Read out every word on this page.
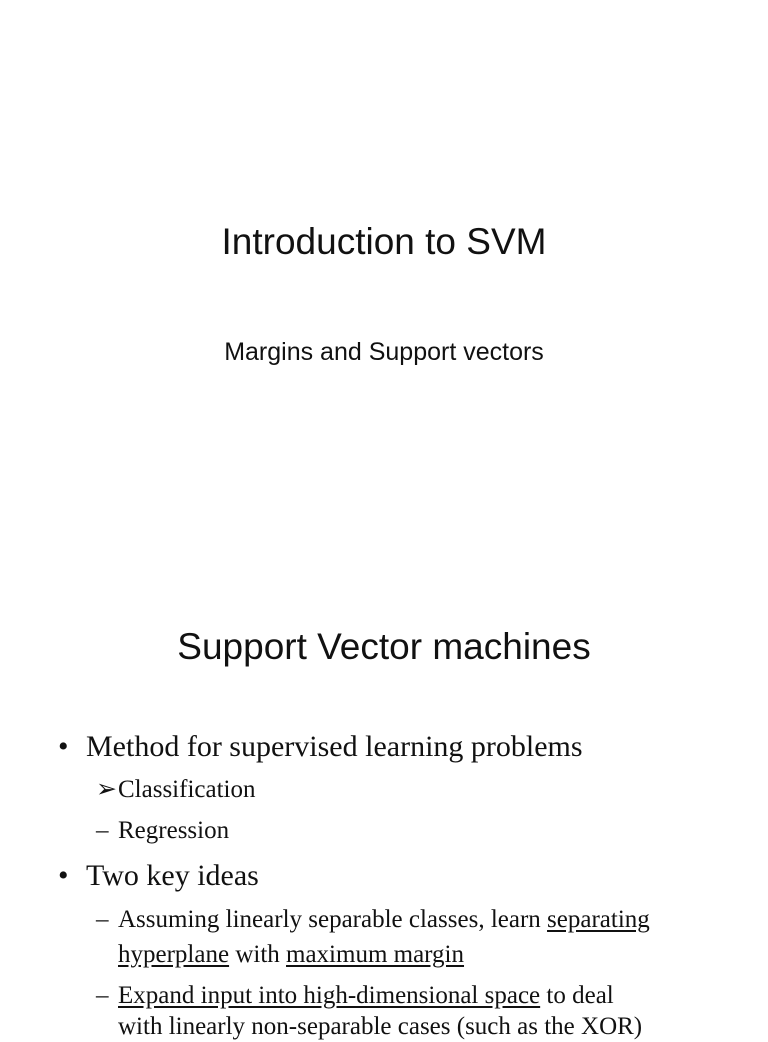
Introduction to SVM
Margins and Support vectors
Support Vector machines
• Method for supervised learning problems
➢ Classification
– Regression
• Two key ideas
– Assuming linearly separable classes, learn separating
hyperplane with maximum margin
– Expand input into high-dimensional space to deal
with linearly non-separable cases (such as the XOR)
